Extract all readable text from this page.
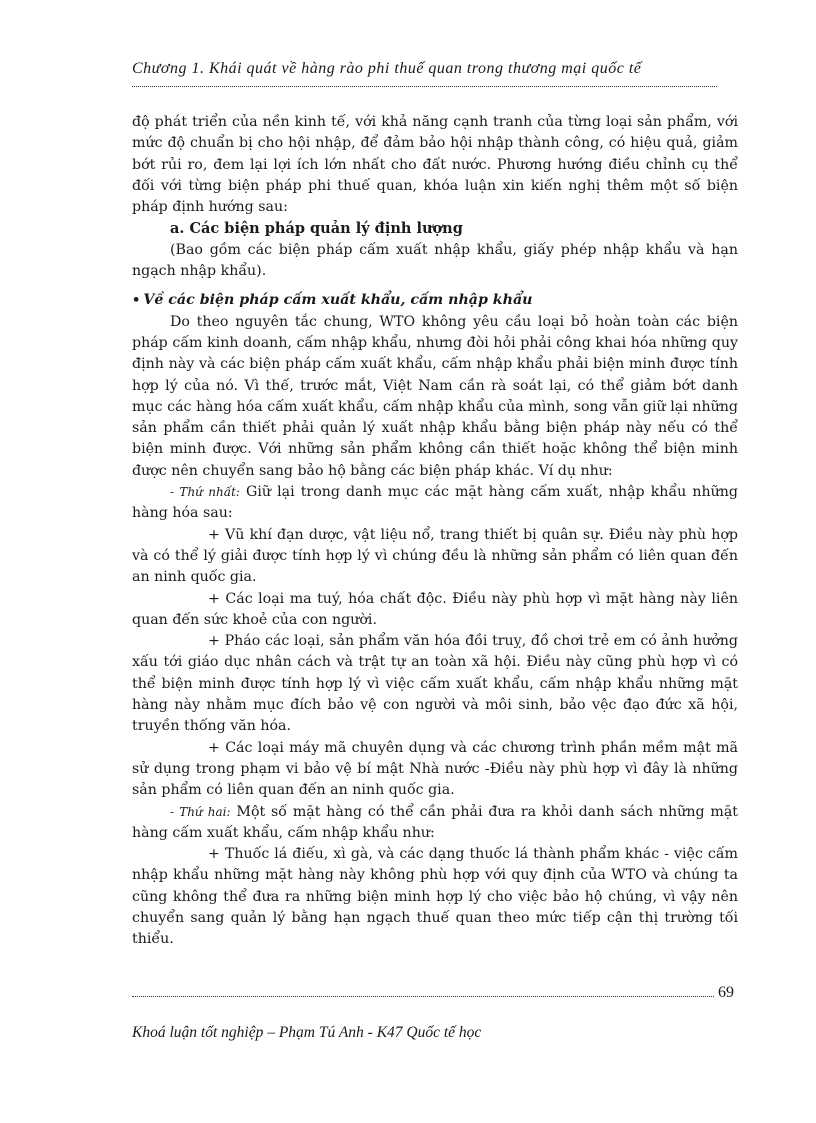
Chương 1. Khái quát về hàng rào phi thuế quan trong thương mại quốc tế

độ phát triển của nền kinh tế, với khả năng cạnh tranh của từng loại sản phẩm, với mức độ chuẩn bị cho hội nhập, để đảm bảo hội nhập thành công, có hiệu quả, giảm bớt rủi ro, đem lại lợi ích lớn nhất cho đất nước. Phương hướng điều chỉnh cụ thể đối với từng biện pháp phi thuế quan, khóa luận xin kiến nghị thêm một số biện pháp định hướng sau:

a. Các biện pháp quản lý định lượng

(Bao gồm các biện pháp cấm xuất nhập khẩu, giấy phép nhập khẩu và hạn ngạch nhập khẩu).

• Về các biện pháp cấm xuất khẩu, cấm nhập khẩu

Do theo nguyên tắc chung, WTO không yêu cầu loại bỏ hoàn toàn các biện pháp cấm kinh doanh, cấm nhập khẩu, nhưng đòi hỏi phải công khai hóa những quy định này và các biện pháp cấm xuất khẩu, cấm nhập khẩu phải biện minh được tính hợp lý của nó. Vì thế, trước mắt, Việt Nam cần rà soát lại, có thể giảm bớt danh mục các hàng hóa cấm xuất khẩu, cấm nhập khẩu của mình, song vẫn giữ lại những sản phẩm cần thiết phải quản lý xuất nhập khẩu bằng biện pháp này nếu có thể biện minh được. Với những sản phẩm không cần thiết hoặc không thể biện minh được nên chuyển sang bảo hộ bằng các biện pháp khác. Ví dụ như:

- Thứ nhất: Giữ lại trong danh mục các mặt hàng cấm xuất, nhập khẩu những hàng hóa sau:

+ Vũ khí đạn dược, vật liệu nổ, trang thiết bị quân sự. Điều này phù hợp và có thể lý giải được tính hợp lý vì chúng đều là những sản phẩm có liên quan đến an ninh quốc gia.

+ Các loại ma tuý, hóa chất độc. Điều này phù hợp vì mặt hàng này liên quan đến sức khoẻ của con người.

+ Pháo các loại, sản phẩm văn hóa đồi truỵ, đồ chơi trẻ em có ảnh hưởng xấu tới giáo dục nhân cách và trật tự an toàn xã hội. Điều này cũng phù hợp vì có thể biện minh được tính hợp lý vì việc cấm xuất khẩu, cấm nhập khẩu những mặt hàng này nhằm mục đích bảo vệ con người và môi sinh, bảo vệc đạo đức xã hội, truyền thống văn hóa.

+ Các loại máy mã chuyên dụng và các chương trình phần mềm mật mã sử dụng trong phạm vi bảo vệ bí mật Nhà nước -Điều này phù hợp vì đây là những sản phẩm có liên quan đến an ninh quốc gia.

- Thứ hai: Một số mặt hàng có thể cần phải đưa ra khỏi danh sách những mặt hàng cấm xuất khẩu, cấm nhập khẩu như:

+ Thuốc lá điếu, xì gà, và các dạng thuốc lá thành phẩm khác - việc cấm nhập khẩu những mặt hàng này không phù hợp với quy định của WTO và chúng ta cũng không thể đưa ra những biện minh hợp lý cho việc bảo hộ chúng, vì vậy nên chuyển sang quản lý bằng hạn ngạch thuế quan theo mức tiếp cận thị trường tối thiểu.

69
Khoá luận tốt nghiệp – Phạm Tú Anh - K47 Quốc tế học
